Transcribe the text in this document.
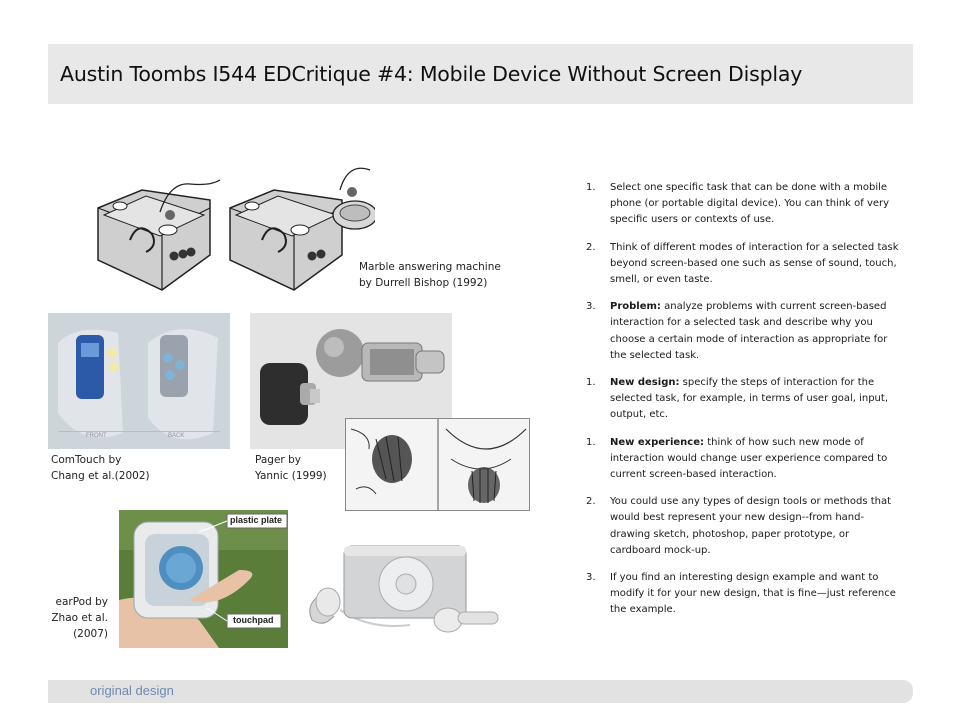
Austin Toombs I544 EDCritique #4: Mobile Device Without Screen Display
Marble answering machine
by Durrell Bishop (1992)
FRONT	BACK
ComTouch by
Chang et al.(2002)
Pager by
Yannic (1999)
plastic plate
touchpad
earPod by
Zhao et al.
(2007)
1. Select one specific task that can be done with a mobile phone (or portable digital device). You can think of very specific users or contexts of use.
2. Think of different modes of interaction for a selected task beyond screen-based one such as sense of sound, touch, smell, or even taste.
3. Problem: analyze problems with current screen-based interaction for a selected task and describe why you choose a certain mode of interaction as appropriate for the selected task.
1. New design: specify the steps of interaction for the selected task, for example, in terms of user goal, input, output, etc.
1. New experience: think of how such new mode of interaction would change user experience compared to current screen-based interaction.
2. You could use any types of design tools or methods that would best represent your new design--from hand-drawing sketch, photoshop, paper prototype, or cardboard mock-up.
3. If you find an interesting design example and want to modify it for your new design, that is fine—just reference the example.
original design
